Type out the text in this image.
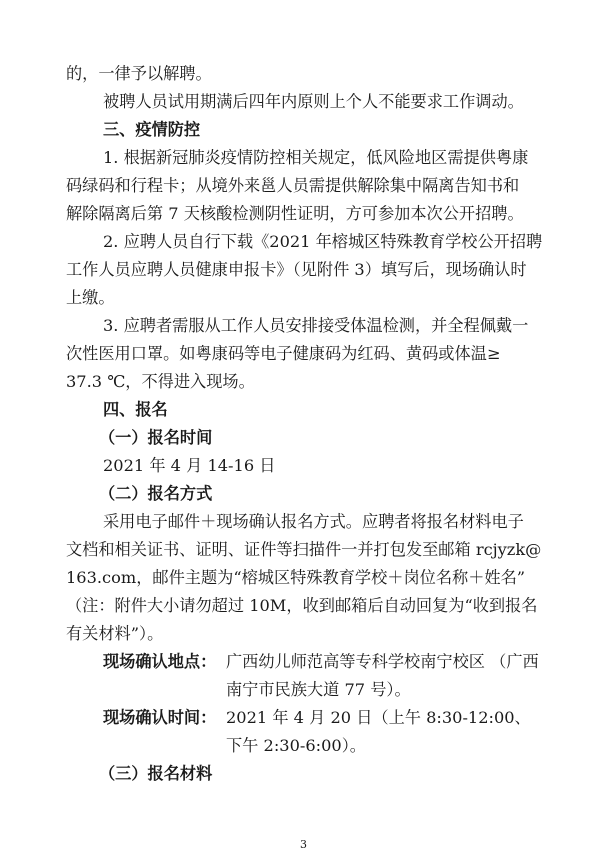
的，一律予以解聘。
被聘人员试用期满后四年内原则上个人不能要求工作调动。
三、疫情防控
1. 根据新冠肺炎疫情防控相关规定，低风险地区需提供粤康
码绿码和行程卡；从境外来邕人员需提供解除集中隔离告知书和
解除隔离后第 7 天核酸检测阴性证明，方可参加本次公开招聘。
2. 应聘人员自行下载《2021 年榕城区特殊教育学校公开招聘
工作人员应聘人员健康申报卡》（见附件 3）填写后，现场确认时
上缴。
3. 应聘者需服从工作人员安排接受体温检测，并全程佩戴一
次性医用口罩。如粤康码等电子健康码为红码、黄码或体温≥
37.3 ℃，不得进入现场。
四、报名
（一）报名时间
2021 年 4 月 14-16 日
（二）报名方式
采用电子邮件＋现场确认报名方式。应聘者将报名材料电子
文档和相关证书、证明、证件等扫描件一并打包发至邮箱 rcjyzk@
163.com，邮件主题为“榕城区特殊教育学校＋岗位名称＋姓名”
（注：附件大小请勿超过 10M，收到邮箱后自动回复为“收到报名
有关材料”）。
现场确认地点： 广西幼儿师范高等专科学校南宁校区 （广西
南宁市民族大道 77 号）。
现场确认时间： 2021 年 4 月 20 日（上午 8:30-12:00、
下午 2:30-6:00）。
（三）报名材料
3
